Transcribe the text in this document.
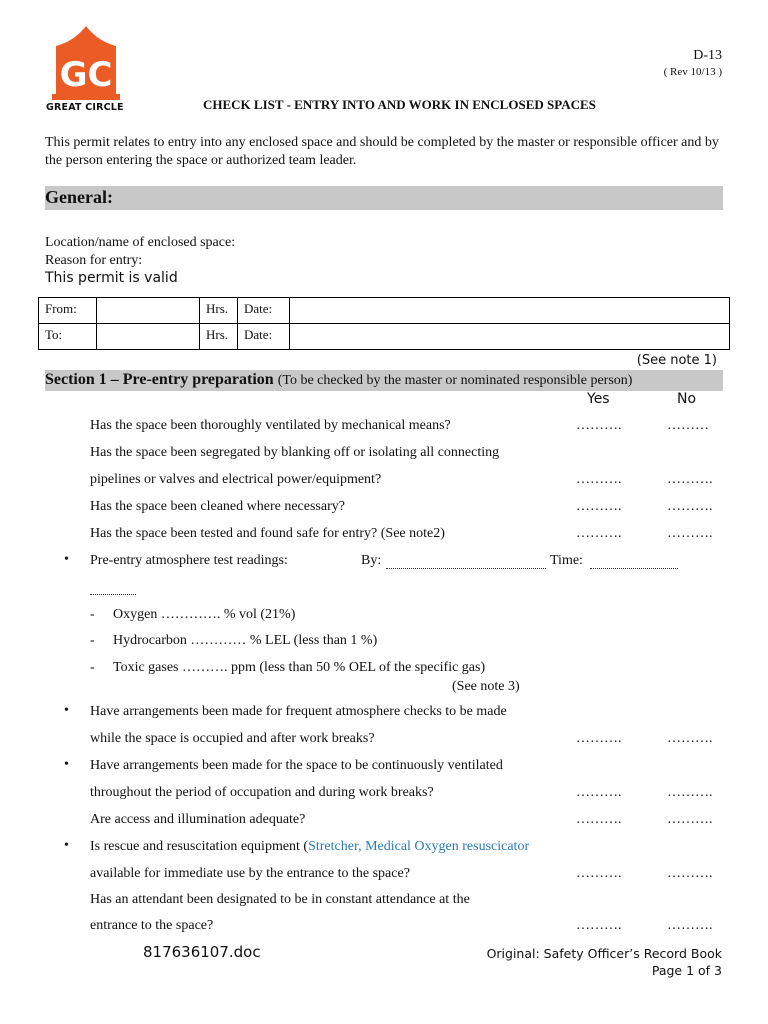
GC
GREAT CIRCLE
D-13
( Rev 10/13 )
CHECK LIST - ENTRY INTO AND WORK IN ENCLOSED SPACES
This permit relates to entry into any enclosed space and should be completed by the master or responsible officer and by the person entering the space or authorized team leader.
General:
Location/name of enclosed space:
Reason for entry:
This permit is valid
From:		Hrs.	Date:	
To:		Hrs.	Date:	
(See note 1)
Section 1 – Pre-entry preparation (To be checked by the master or nominated responsible person)
Yes	No
Has the space been thoroughly ventilated by mechanical means?	……….	………
Has the space been segregated by blanking off or isolating all connecting
pipelines or valves and electrical power/equipment?	……….	……….
Has the space been cleaned where necessary?	……….	……….
Has the space been tested and found safe for entry? (See note2)	……….	……….
• Pre-entry atmosphere test readings:	By:	Time:
- Oxygen …………. % vol (21%)
- Hydrocarbon ………… % LEL (less than 1 %)
- Toxic gases ………. ppm (less than 50 % OEL of the specific gas)
(See note 3)
• Have arrangements been made for frequent atmosphere checks to be made
while the space is occupied and after work breaks?	……….	……….
• Have arrangements been made for the space to be continuously ventilated
throughout the period of occupation and during work breaks?	……….	……….
Are access and illumination adequate?	……….	……….
• Is rescue and resuscitation equipment (Stretcher, Medical Oxygen resuscicator
available for immediate use by the entrance to the space?	……….	……….
Has an attendant been designated to be in constant attendance at the
entrance to the space?	……….	……….
817636107.doc	Original: Safety Officer’s Record Book
Page 1 of 3
